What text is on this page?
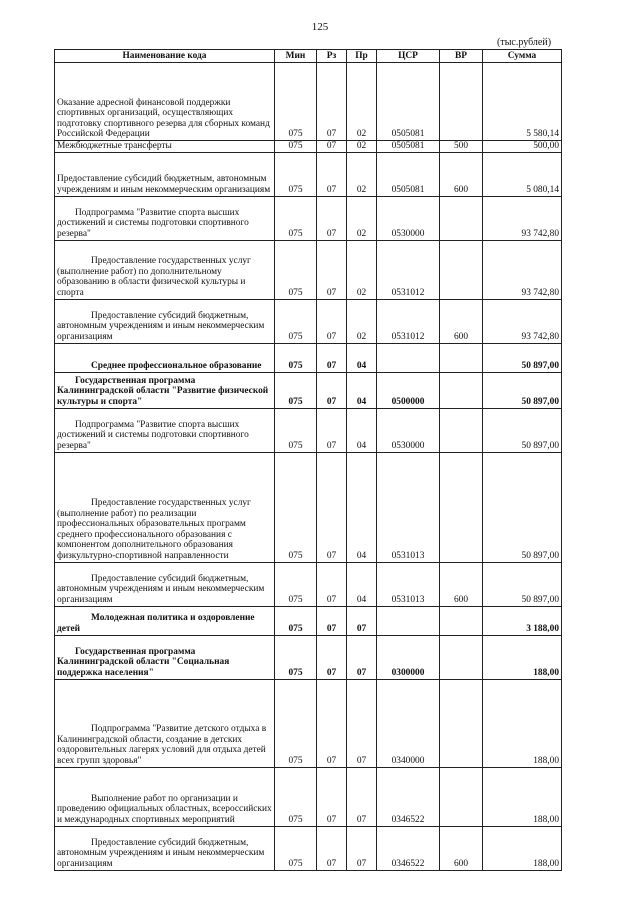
125
(тыс.рублей)
Наименование кода	Мин	Рз	Пр	ЦСР	ВР	Сумма
Оказание адресной финансовой поддержки спортивных организаций, осуществляющих подготовку спортивного резерва для сборных команд Российской Федерации	075	07	02	0505081		5 580,14
Межбюджетные трансферты	075	07	02	0505081	500	500,00
Предоставление субсидий бюджетным, автономным учреждениям и иным некоммерческим организациям	075	07	02	0505081	600	5 080,14
Подпрограмма "Развитие спорта высших достижений и системы подготовки спортивного резерва"	075	07	02	0530000		93 742,80
Предоставление государственных услуг (выполнение работ) по дополнительному образованию в области физической культуры и спорта	075	07	02	0531012		93 742,80
Предоставление субсидий бюджетным, автономным учреждениям и иным некоммерческим организациям	075	07	02	0531012	600	93 742,80
Среднее профессиональное образование	075	07	04			50 897,00
Государственная программа Калининградской области "Развитие физической культуры и спорта"	075	07	04	0500000		50 897,00
Подпрограмма "Развитие спорта высших достижений и системы подготовки спортивного резерва"	075	07	04	0530000		50 897,00
Предоставление государственных услуг (выполнение работ) по реализации профессиональных образовательных программ среднего профессионального образования с компонентом дополнительного образования физкультурно-спортивной направленности	075	07	04	0531013		50 897,00
Предоставление субсидий бюджетным, автономным учреждениям и иным некоммерческим организациям	075	07	04	0531013	600	50 897,00
Молодежная политика и оздоровление детей	075	07	07			3 188,00
Государственная программа Калининградской области "Социальная поддержка населения"	075	07	07	0300000		188,00
Подпрограмма "Развитие детского отдыха в Калининградской области, создание в детских оздоровительных лагерях условий для отдыха детей всех групп здоровья"	075	07	07	0340000		188,00
Выполнение работ по организации и проведению официальных областных, всероссийских и международных спортивных мероприятий	075	07	07	0346522		188,00
Предоставление субсидий бюджетным, автономным учреждениям и иным некоммерческим организациям	075	07	07	0346522	600	188,00
